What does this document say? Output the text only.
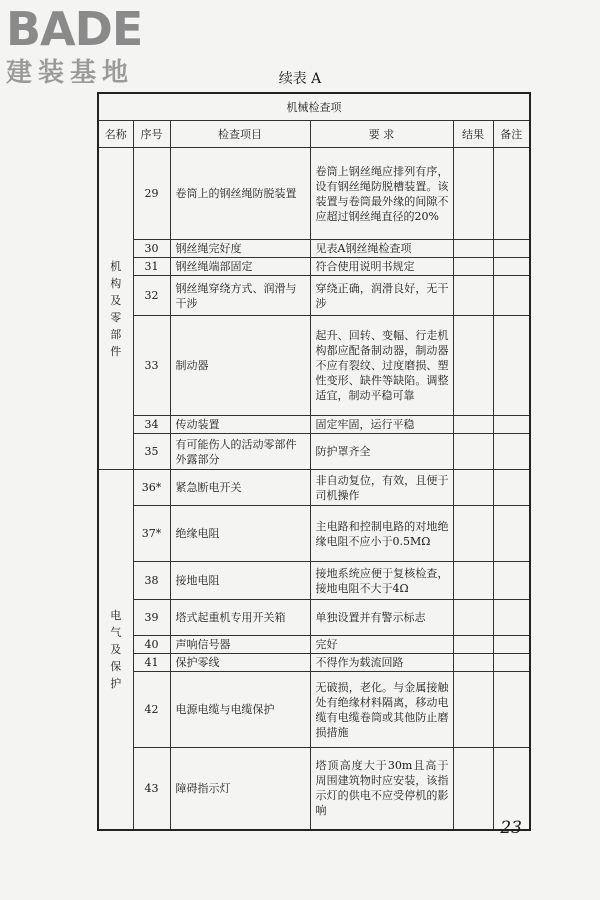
BADE
建装基地	续表 A
机械检查项					
名称	序号	检查项目	要 求	结果	备注

机构及零部件	29	卷筒上的钢丝绳防脱装置	卷筒上钢丝绳应排列有序，设有钢丝绳防脱槽装置。该装置与卷筒最外缘的间隙不应超过钢丝绳直径的20%		
	30	钢丝绳完好度	见表A钢丝绳检查项		
	31	钢丝绳端部固定	符合使用说明书规定		
	32	钢丝绳穿绕方式、润滑与干涉	穿绕正确，润滑良好，无干涉		
	33	制动器	起升、回转、变幅、行走机构都应配备制动器，制动器不应有裂纹、过度磨损、塑性变形、缺件等缺陷。调整适宜，制动平稳可靠		
	34	传动装置	固定牢固，运行平稳		
	35	有可能伤人的活动零部件外露部分	防护罩齐全		

电气及保护	36*	紧急断电开关	非自动复位，有效，且便于司机操作		
	37*	绝缘电阻	主电路和控制电路的对地绝缘电阻不应小于0.5MΩ		
	38	接地电阻	接地系统应便于复核检查，接地电阻不大于4Ω		
	39	塔式起重机专用开关箱	单独设置并有警示标志		
	40	声响信号器	完好		
	41	保护零线	不得作为载流回路		
	42	电源电缆与电缆保护	无破损，老化。与金属接触处有绝缘材料隔离，移动电缆有电缆卷筒或其他防止磨损措施		
	43	障碍指示灯	塔顶高度大于30m且高于周围建筑物时应安装，该指示灯的供电不应受停机的影响		
23
